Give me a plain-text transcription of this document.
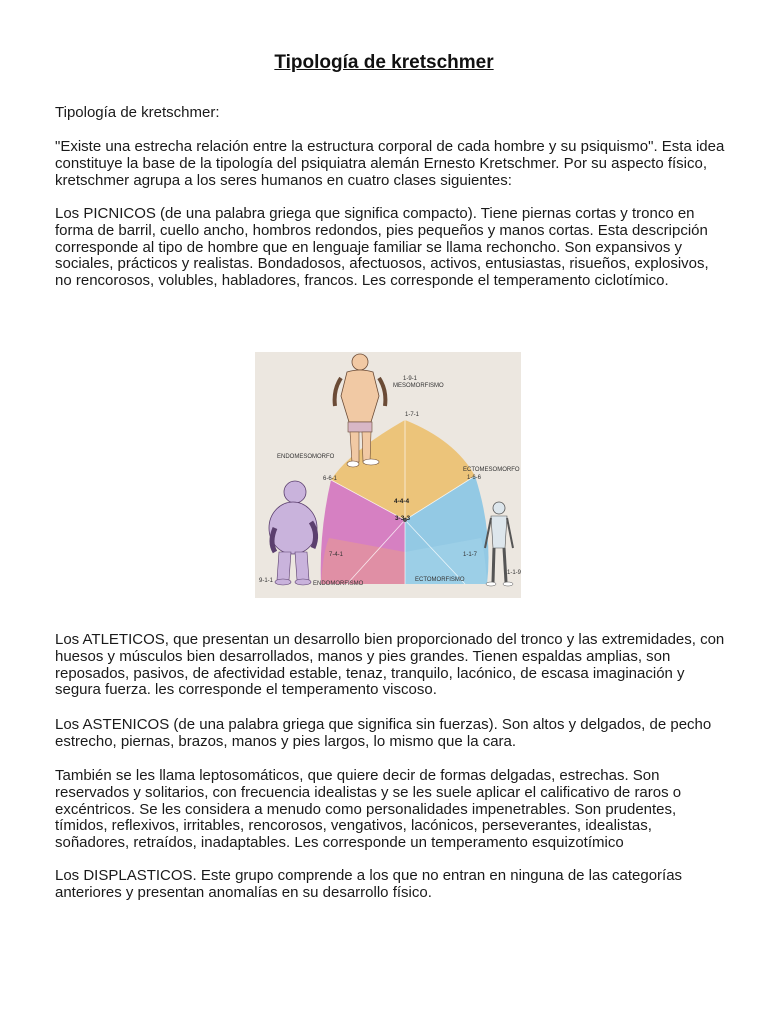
Tipología de kretschmer

Tipología de kretschmer:

"Existe una estrecha relación entre la estructura corporal de cada hombre y su psiquismo". Esta idea constituye la base de la tipología del psiquiatra alemán Ernesto Kretschmer. Por su aspecto físico, kretschmer agrupa a los seres humanos en cuatro clases siguientes:

Los PICNICOS (de una palabra griega que significa compacto). Tiene piernas cortas y tronco en forma de barril, cuello ancho, hombros redondos, pies pequeños y manos cortas. Esta descripción corresponde al tipo de hombre que en lenguaje familiar se llama rechoncho. Son expansivos y sociales, prácticos y realistas. Bondadosos, afectuosos, activos, entusiastas, risueños, explosivos, no rencorosos, volubles, habladores, francos. Les corresponde el temperamento ciclotímico.

1-9-1
MESOMORFISMO
1-7-1
ENDOMESOMORFO
6-6-1
ECTOMESOMORFO
1-6-6
4-4-4
3-3-3
7-4-1	1-1-7
9-1-1	ENDOMORFISMO
ECTOMORFISMO
1-1-9

Los ATLETICOS, que presentan un desarrollo bien proporcionado del tronco y las extremidades, con huesos y músculos bien desarrollados, manos y pies grandes. Tienen espaldas amplias, son reposados, pasivos, de afectividad estable, tenaz, tranquilo, lacónico, de escasa imaginación y segura fuerza. les corresponde el temperamento viscoso.

Los ASTENICOS (de una palabra griega que significa sin fuerzas). Son altos y delgados, de pecho estrecho, piernas, brazos, manos y pies largos, lo mismo que la cara.

También se les llama leptosomáticos, que quiere decir de formas delgadas, estrechas. Son reservados y solitarios, con frecuencia idealistas y se les suele aplicar el calificativo de raros o excéntricos. Se les considera a menudo como personalidades impenetrables. Son prudentes, tímidos, reflexivos, irritables, rencorosos, vengativos, lacónicos, perseverantes, idealistas, soñadores, retraídos, inadaptables. Les corresponde un temperamento esquizotímico

Los DISPLASTICOS. Este grupo comprende a los que no entran en ninguna de las categorías anteriores y presentan anomalías en su desarrollo físico.
